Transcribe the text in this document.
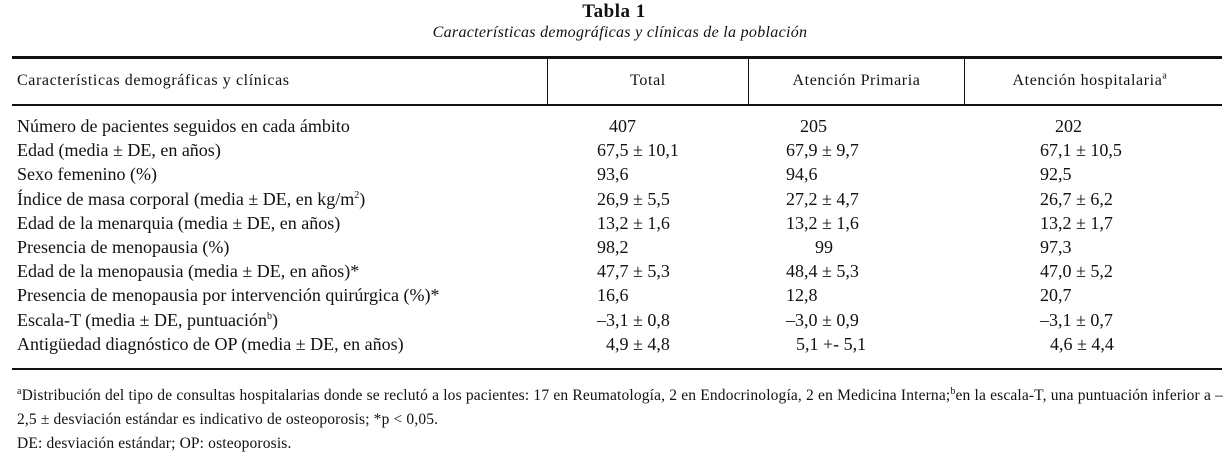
Tabla 1
Características demográficas y clínicas de la población
Características demográficas y clínicas	Total	Atención Primaria	Atención hospitalaria$^a$
Número de pacientes seguidos en cada ámbito	407	205	202
Edad (media ± DE, en años)	67,5 ± 10,1	67,9 ± 9,7	67,1 ± 10,5
Sexo femenino (%)	93,6	94,6	92,5
Índice de masa corporal (media ± DE, en $kg/m^2$)	26,9 ± 5,5	27,2 ± 4,7	26,7 ± 6,2
Edad de la menarquia (media ± DE, en años)	13,2 ± 1,6	13,2 ± 1,6	13,2 ± 1,7
Presencia de menopausia (%)	98,2	99	97,3
Edad de la menopausia (media ± DE, en años)*	47,7 ± 5,3	48,4 ± 5,3	47,0 ± 5,2
Presencia de menopausia por intervención quirúrgica (%)*	16,6	12,8	20,7
Escala-T (media ± DE, puntuación$^b$)	–3,1 ± 0,8	–3,0 ± 0,9	–3,1 ± 0,7
Antigüedad diagnóstico de OP (media ± DE, en años)	4,9 ± 4,8	5,1 +- 5,1	4,6 ± 4,4

$^a$Distribución del tipo de consultas hospitalarias donde se reclutó a los pacientes: 17 en Reumatología, 2 en Endocrinología, 2 en Medicina Interna;$^b$en la escala-T, una puntuación inferior a –2,5 ± desviación estándar es indicativo de osteoporosis; *p < 0,05.

DE: desviación estándar; OP: osteoporosis.
